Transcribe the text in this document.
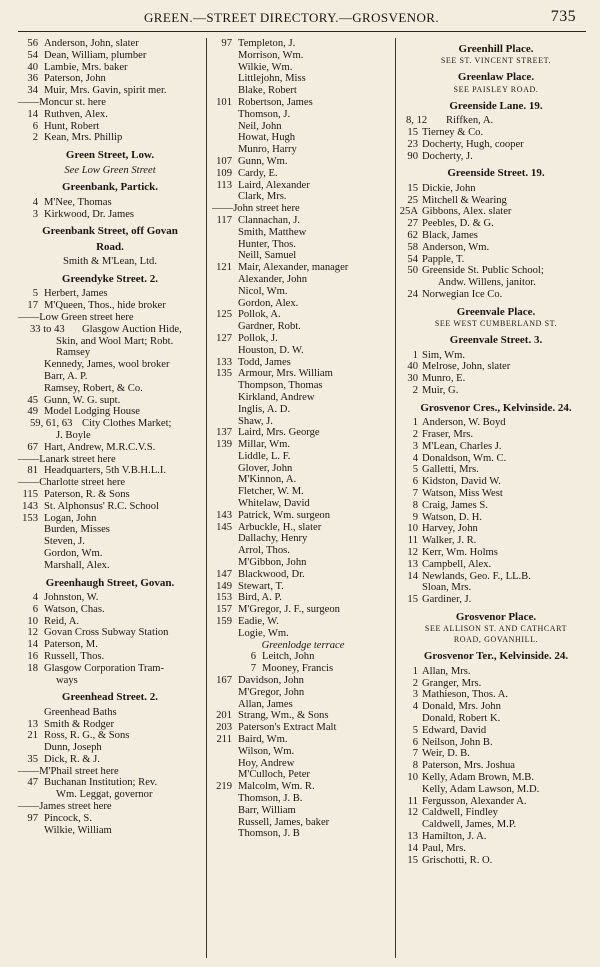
GREEN.—STREET DIRECTORY.—GROSVENOR.	735
56 Anderson, John, slater
54 Dean, William, plumber
40 Lambie, Mrs. baker
36 Paterson, John
34 Muir, Mrs. Gavin, spirit mer.
——Moncur st. here
14 Ruthven, Alex.
6 Hunt, Robert
2 Kean, Mrs. Phillip
Green Street, Low.
See Low Green Street
Greenbank, Partick.
4 M'Nee, Thomas
3 Kirkwood, Dr. James
Greenbank Street, off Govan
Road.
Smith & M'Lean, Ltd.
Greendyke Street. 2.
5 Herbert, James
17 M'Queen, Thos., hide broker
——Low Green street here
33 to 43 Glasgow Auction Hide,
Skin, and Wool Mart; Robt.
Ramsey
Kennedy, James, wool broker
Barr, A. P.
Ramsey, Robert, & Co.
45 Gunn, W. G. supt.
49 Model Lodging House
59, 61, 63 City Clothes Market;
J. Boyle
67 Hart, Andrew, M.R.C.V.S.
——Lanark street here
81 Headquarters, 5th V.B.H.L.I.
——Charlotte street here
115 Paterson, R. & Sons
143 St. Alphonsus' R.C. School
153 Logan, John
Burden, Misses
Steven, J.
Gordon, Wm.
Marshall, Alex.
Greenhaugh Street, Govan.
4 Johnston, W.
6 Watson, Chas.
10 Reid, A.
12 Govan Cross Subway Station
14 Paterson, M.
16 Russell, Thos.
18 Glasgow Corporation Tram-
ways
Greenhead Street. 2.
Greenhead Baths
13 Smith & Rodger
21 Ross, R. G., & Sons
Dunn, Joseph
35 Dick, R. & J.
——M'Phail street here
47 Buchanan Institution; Rev.
Wm. Leggat, governor
——James street here
97 Pincock, S.
Wilkie, William
97 Templeton, J.
Morrison, Wm.
Wilkie, Wm.
Littlejohn, Miss
Blake, Robert
101 Robertson, James
Thomson, J.
Neil, John
Howat, Hugh
Munro, Harry
107 Gunn, Wm.
109 Cardy, E.
113 Laird, Alexander
Clark, Mrs.
——John street here
117 Clannachan, J.
Smith, Matthew
Hunter, Thos.
Neill, Samuel
121 Mair, Alexander, manager
Alexander, John
Nicol, Wm.
Gordon, Alex.
125 Pollok, A.
Gardner, Robt.
127 Pollok, J.
Houston, D. W.
133 Todd, James
135 Armour, Mrs. William
Thompson, Thomas
Kirkland, Andrew
Inglis, A. D.
Shaw, J.
137 Laird, Mrs. George
139 Millar, Wm.
Liddle, L. F.
Glover, John
M'Kinnon, A.
Fletcher, W. M.
Whitelaw, David
143 Patrick, Wm. surgeon
145 Arbuckle, H., slater
Dallachy, Henry
Arrol, Thos.
M'Gibbon, John
147 Blackwood, Dr.
149 Stewart, T.
153 Bird, A. P.
157 M'Gregor, J. F., surgeon
159 Eadie, W.
Logie, Wm.
Greenlodge terrace
6 Leitch, John
7 Mooney, Francis
167 Davidson, John
M'Gregor, John
Allan, James
201 Strang, Wm., & Sons
203 Paterson's Extract Malt
211 Baird, Wm.
Wilson, Wm.
Hoy, Andrew
M'Culloch, Peter
219 Malcolm, Wm. R.
Thomson, J. B.
Barr, William
Russell, James, baker
Thomson, J. B
Greenhill Place.
SEE ST. VINCENT STREET.
Greenlaw Place.
SEE PAISLEY ROAD.
Greenside Lane. 19.
8, 12 Riffken, A.
15 Tierney & Co.
23 Docherty, Hugh, cooper
90 Docherty, J.
Greenside Street. 19.
15 Dickie, John
25 Mitchell & Wearing
25A Gibbons, Alex. slater
27 Peebles, D. & G.
62 Black, James
58 Anderson, Wm.
54 Papple, T.
50 Greenside St. Public School;
Andw. Willens, janitor.
24 Norwegian Ice Co.
Greenvale Place.
SEE WEST CUMBERLAND ST.
Greenvale Street. 3.
1 Sim, Wm.
40 Melrose, John, slater
30 Munro, E.
2 Muir, G.
Grosvenor Cres., Kelvinside. 24.
1 Anderson, W. Boyd
2 Fraser, Mrs.
3 M'Lean, Charles J.
4 Donaldson, Wm. C.
5 Galletti, Mrs.
6 Kidston, David W.
7 Watson, Miss West
8 Craig, James S.
9 Watson, D. H.
10 Harvey, John
11 Walker, J. R.
12 Kerr, Wm. Holms
13 Campbell, Alex.
14 Newlands, Geo. F., LL.B.
Sloan, Mrs.
15 Gardiner, J.
Grosvenor Place.
SEE ALLISON ST. AND CATHCART
ROAD, GOVANHILL.
Grosvenor Ter., Kelvinside. 24.
1 Allan, Mrs.
2 Granger, Mrs.
3 Mathieson, Thos. A.
4 Donald, Mrs. John
Donald, Robert K.
5 Edward, David
6 Neilson, John B.
7 Weir, D. B.
8 Paterson, Mrs. Joshua
10 Kelly, Adam Brown, M.B.
Kelly, Adam Lawson, M.D.
11 Fergusson, Alexander A.
12 Caldwell, Findley
Caldwell, James, M.P.
13 Hamilton, J. A.
14 Paul, Mrs.
15 Grischotti, R. O.
